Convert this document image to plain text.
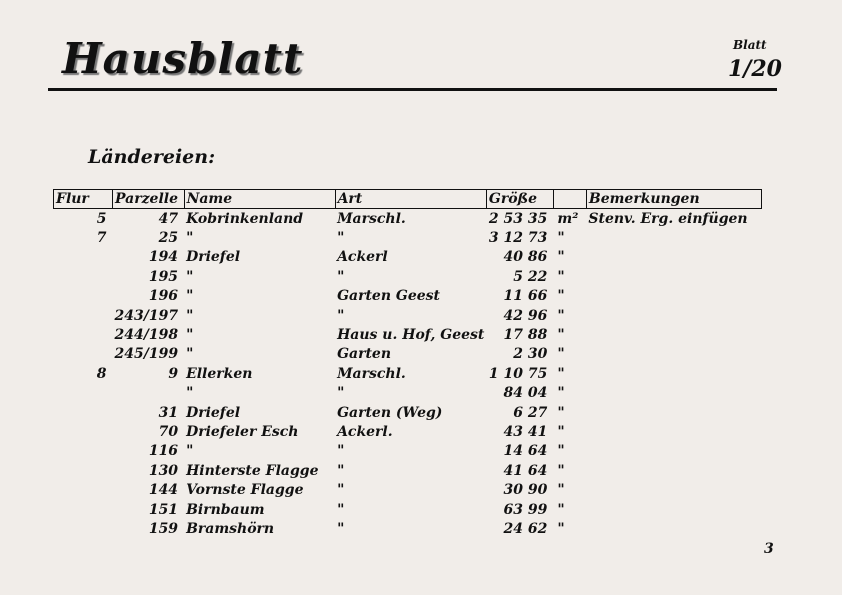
Hausblatt	Blatt
1/20
Ländereien:
Flur	Parzelle	Name	Art	Größe		Bemerkungen
5	47	Kobrinkenland	Marschl.	2 53 35	m²	Stenv. Erg. einfügen
7	25	"	"	3 12 73	"	
	194	Driefel	Ackerl	40 86	"	
	195	"	"	5 22	"	
	196	"	Garten Geest	11 66	"	
	243/197	"	"	42 96	"	
	244/198	"	Haus u. Hof, Geest	17 88	"	
	245/199	"	Garten	2 30	"	
8	9	Ellerken	Marschl.	1 10 75	"	
		"	"	84 04	"	
	31	Driefel	Garten (Weg)	6 27	"	
	70	Driefeler Esch	Ackerl.	43 41	"	
	116	"	"	14 64	"	
	130	Hinterste Flagge	"	41 64	"	
	144	Vornste Flagge	"	30 90	"	
	151	Birnbaum	"	63 99	"	
	159	Bramshörn	"	24 62	"	
3
